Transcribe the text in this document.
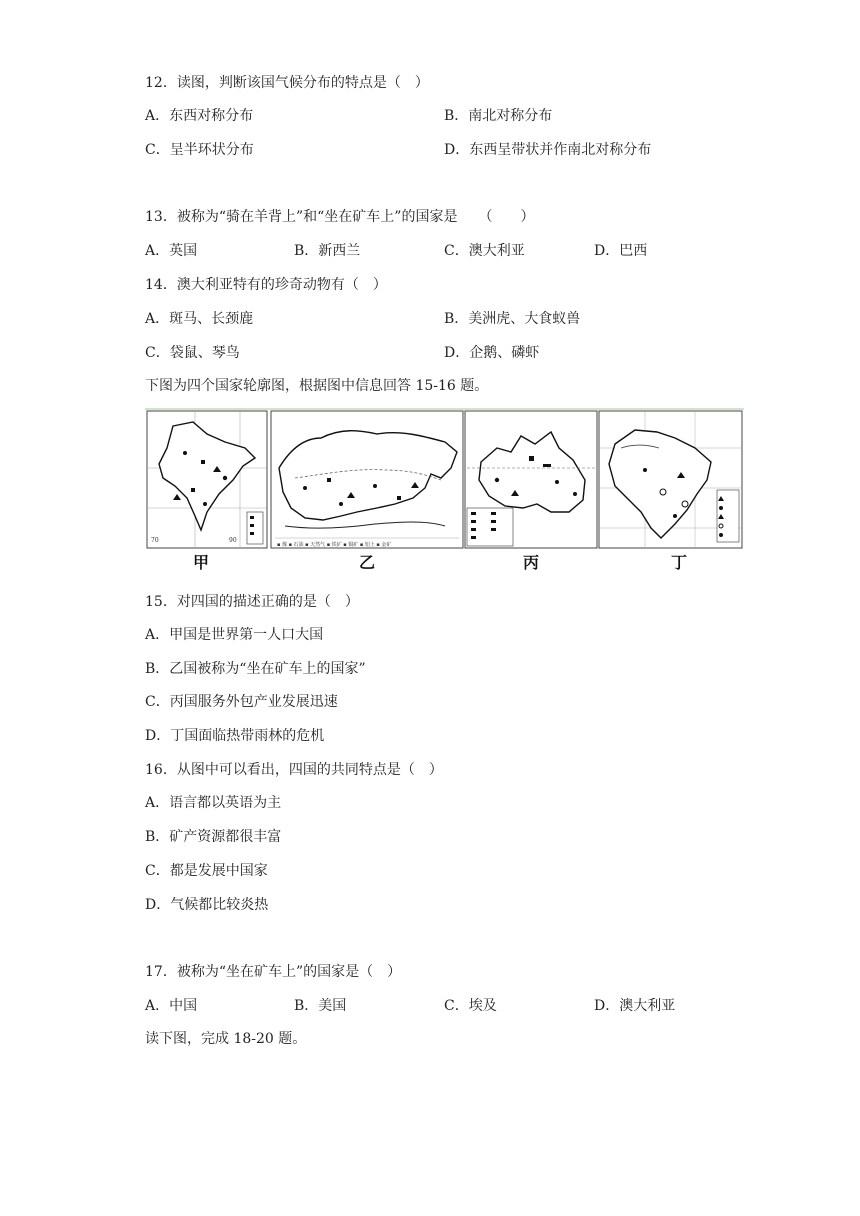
12．读图，判断该国气候分布的特点是（　）
A．东西对称分布	B．南北对称分布
C．呈半环状分布	D．东西呈带状并作南北对称分布
13．被称为“骑在羊背上”和“坐在矿车上”的国家是　　（　　）
A．英国	B．新西兰	C．澳大利亚	D．巴西
14．澳大利亚特有的珍奇动物有（　）
A．斑马、长颈鹿	B．美洲虎、大食蚁兽
C．袋鼠、琴鸟	D．企鹅、磷虾
下图为四个国家轮廓图，根据图中信息回答 15-16 题。
70	90
▪ 煤 ▪ 石油 ▪ 天然气 ▪ 铁矿 ▪ 铜矿 ▪ 铝土 ▪ 金矿
甲	乙	丙	丁
15．对四国的描述正确的是（　）
A．甲国是世界第一人口大国
B．乙国被称为“坐在矿车上的国家”
C．丙国服务外包产业发展迅速
D．丁国面临热带雨林的危机
16．从图中可以看出，四国的共同特点是（　）
A．语言都以英语为主
B．矿产资源都很丰富
C．都是发展中国家
D．气候都比较炎热
17．被称为“坐在矿车上”的国家是（　）
A．中国	B．美国	C．埃及	D．澳大利亚
读下图，完成 18-20 题。
